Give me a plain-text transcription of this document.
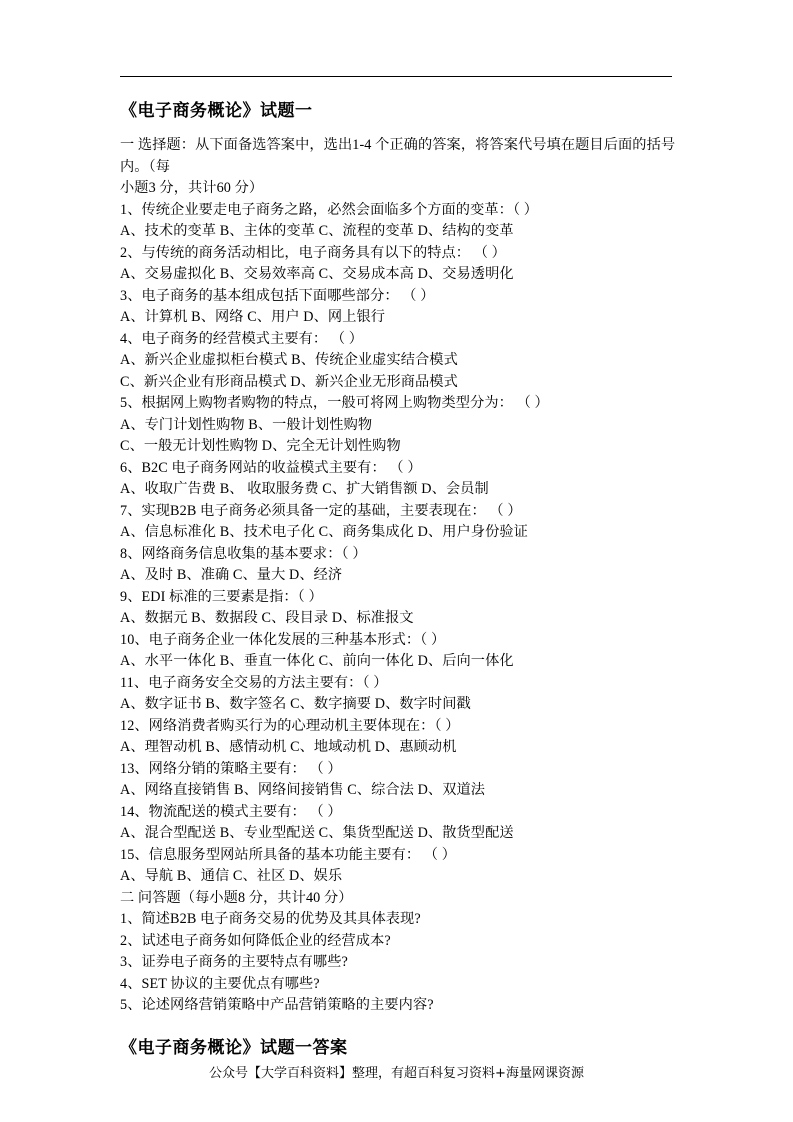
《电子商务概论》试题一

一 选择题：从下面备选答案中，选出1-4 个正确的答案，将答案代号填在题目后面的括号内。（每

小题3 分，共计60 分）

1、传统企业要走电子商务之路，必然会面临多个方面的变革：（ ）

A、技术的变革 B、主体的变革 C、流程的变革 D、结构的变革

2、与传统的商务活动相比，电子商务具有以下的特点： （ ）

A、交易虚拟化 B、交易效率高 C、交易成本高 D、交易透明化

3、电子商务的基本组成包括下面哪些部分： （ ）

A、计算机 B、网络 C、用户 D、网上银行

4、电子商务的经营模式主要有： （ ）

A、新兴企业虚拟柜台模式 B、传统企业虚实结合模式

C、新兴企业有形商品模式 D、新兴企业无形商品模式

5、根据网上购物者购物的特点，一般可将网上购物类型分为： （ ）

A、专门计划性购物 B、一般计划性购物

C、一般无计划性购物 D、完全无计划性购物

6、B2C 电子商务网站的收益模式主要有： （ ）

A、收取广告费 B、 收取服务费 C、扩大销售额 D、会员制

7、实现B2B 电子商务必须具备一定的基础，主要表现在： （ ）

A、信息标准化 B、技术电子化 C、商务集成化 D、用户身份验证

8、网络商务信息收集的基本要求：（ ）

A、及时 B、准确 C、量大 D、经济

9、EDI 标准的三要素是指：（ ）

A、数据元 B、数据段 C、段目录 D、标准报文

10、电子商务企业一体化发展的三种基本形式：（ ）

A、水平一体化 B、垂直一体化 C、前向一体化 D、后向一体化

11、电子商务安全交易的方法主要有：（ ）

A、数字证书 B、数字签名 C、数字摘要 D、数字时间戳

12、网络消费者购买行为的心理动机主要体现在：（ ）

A、理智动机 B、感情动机 C、地域动机 D、惠顾动机

13、网络分销的策略主要有： （ ）

A、网络直接销售 B、网络间接销售 C、综合法 D、双道法

14、物流配送的模式主要有： （ ）

A、混合型配送 B、专业型配送 C、集货型配送 D、散货型配送

15、信息服务型网站所具备的基本功能主要有： （ ）

A、导航 B、通信 C、社区 D、娱乐

二 问答题（每小题8 分，共计40 分）

1、简述B2B 电子商务交易的优势及其具体表现?

2、试述电子商务如何降低企业的经营成本?

3、证券电子商务的主要特点有哪些?

4、SET 协议的主要优点有哪些?

5、论述网络营销策略中产品营销策略的主要内容?

《电子商务概论》试题一答案
公众号【大学百科资料】整理，有超百科复习资料+海量网课资源
